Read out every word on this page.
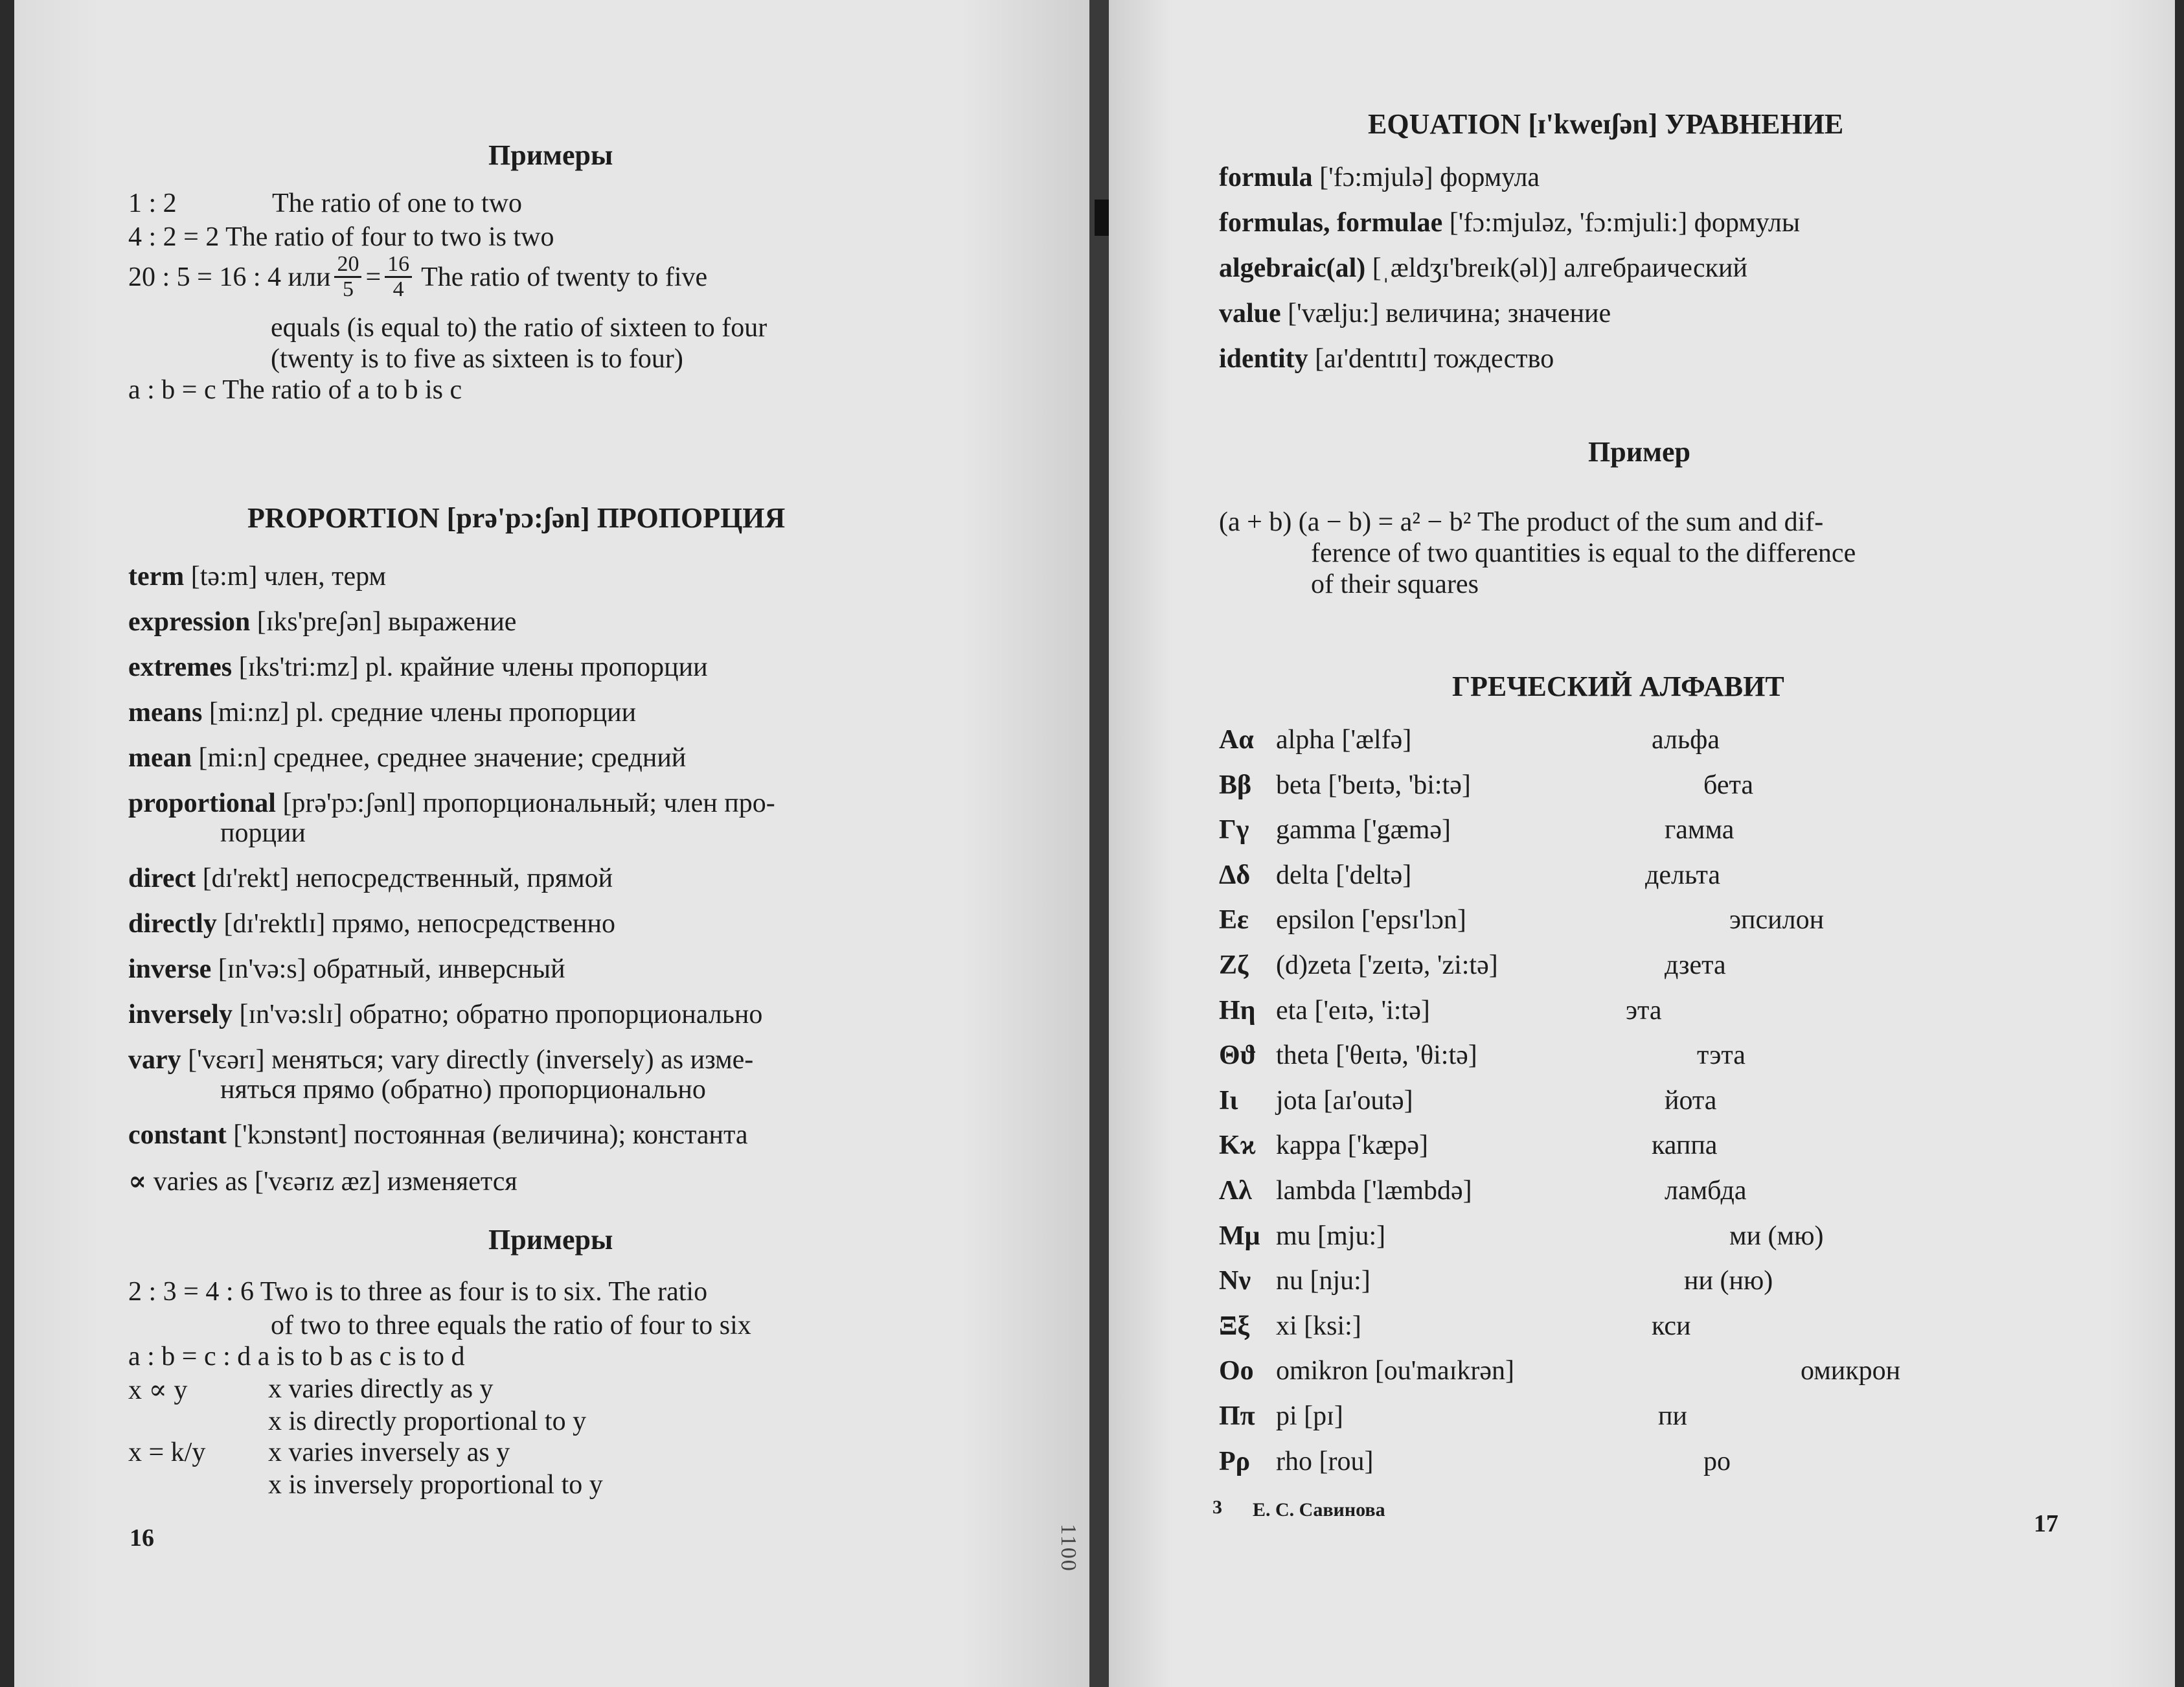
Примеры
1 : 2	The ratio of one to two
4 : 2 = 2 The ratio of four to two is two
20 : 5 = 16 : 4 или $\frac{20}{5} = \frac{16}{4}$ The ratio of twenty to five
equals (is equal to) the ratio of sixteen to four
(twenty is to five as sixteen is to four)
a : b = c The ratio of a to b is c
PROPORTION [prə'pɔ:ʃən] ПРОПОРЦИЯ
term [tə:m] член, терм
expression [ɪks'preʃən] выражение
extremes [ɪks'tri:mz] pl. крайние члены пропорции
means [mi:nz] pl. средние члены пропорции
mean [mi:n] среднее, среднее значение; средний
proportional [prə'pɔ:ʃənl] пропорциональный; член про-
порции
direct [dɪ'rekt] непосредственный, прямой
directly [dɪ'rektlɪ] прямо, непосредственно
inverse [ɪn'və:s] обратный, инверсный
inversely [ɪn'və:slɪ] обратно; обратно пропорционально
vary ['vɛərɪ] меняться; vary directly (inversely) as изме-
няться прямо (обратно) пропорционально
constant ['kɔnstənt] постоянная (величина); константа
∝ varies as ['vɛərɪz æz] изменяется
Примеры
2 : 3 = 4 : 6 Two is to three as four is to six. The ratio
of two to three equals the ratio of four to six
a : b = c : d a is to b as c is to d
x ∝ y	x varies directly as y
x is directly proportional to y
x = k/y x varies inversely as y
x is inversely proportional to y
16	1100
EQUATION [ɪ'kweɪʃən] УРАВНЕНИЕ
formula ['fɔ:mjulə] формула
formulas, formulae ['fɔ:mjuləz, 'fɔ:mjuli:] формулы
algebraic(al) [ˌældʒɪ'breɪk(əl)] алгебраический
value ['vælju:] величина; значение
identity [aɪ'dentɪtɪ] тождество
Пример
(a + b) (a − b) = a² − b² The product of the sum and dif-
ference of two quantities is equal to the difference
of their squares
ГРЕЧЕСКИЙ АЛФАВИТ
Αα alpha ['ælfə]	альфа
Ββ beta ['beɪtə, 'bi:tə]	бета
Γγ gamma ['gæmə]	гамма
Δδ delta ['deltə]	дельта
Εε epsilon ['epsɪ'lɔn]	эпсилон
Ζζ (d)zeta ['zeɪtə, 'zi:tə]	дзета
Ηη eta ['eɪtə, 'i:tə]	эта
Θϑ theta ['θeɪtə, 'θi:tə]	тэта
Ιι jota [aɪ'outə]	йота
Κϰ kappa ['kæpə]	каппа
Λλ lambda ['læmbdə]	ламбда
Μμ mu [mju:]	ми (мю)
Νν nu [nju:]	ни (ню)
Ξξ xi [ksi:]	кси
Οο omikron [ou'maɪkrən]	омикрон
Ππ pi [pɪ]	пи
Ρρ rho [rou]	ро
3 Е. С. Савинова
17
